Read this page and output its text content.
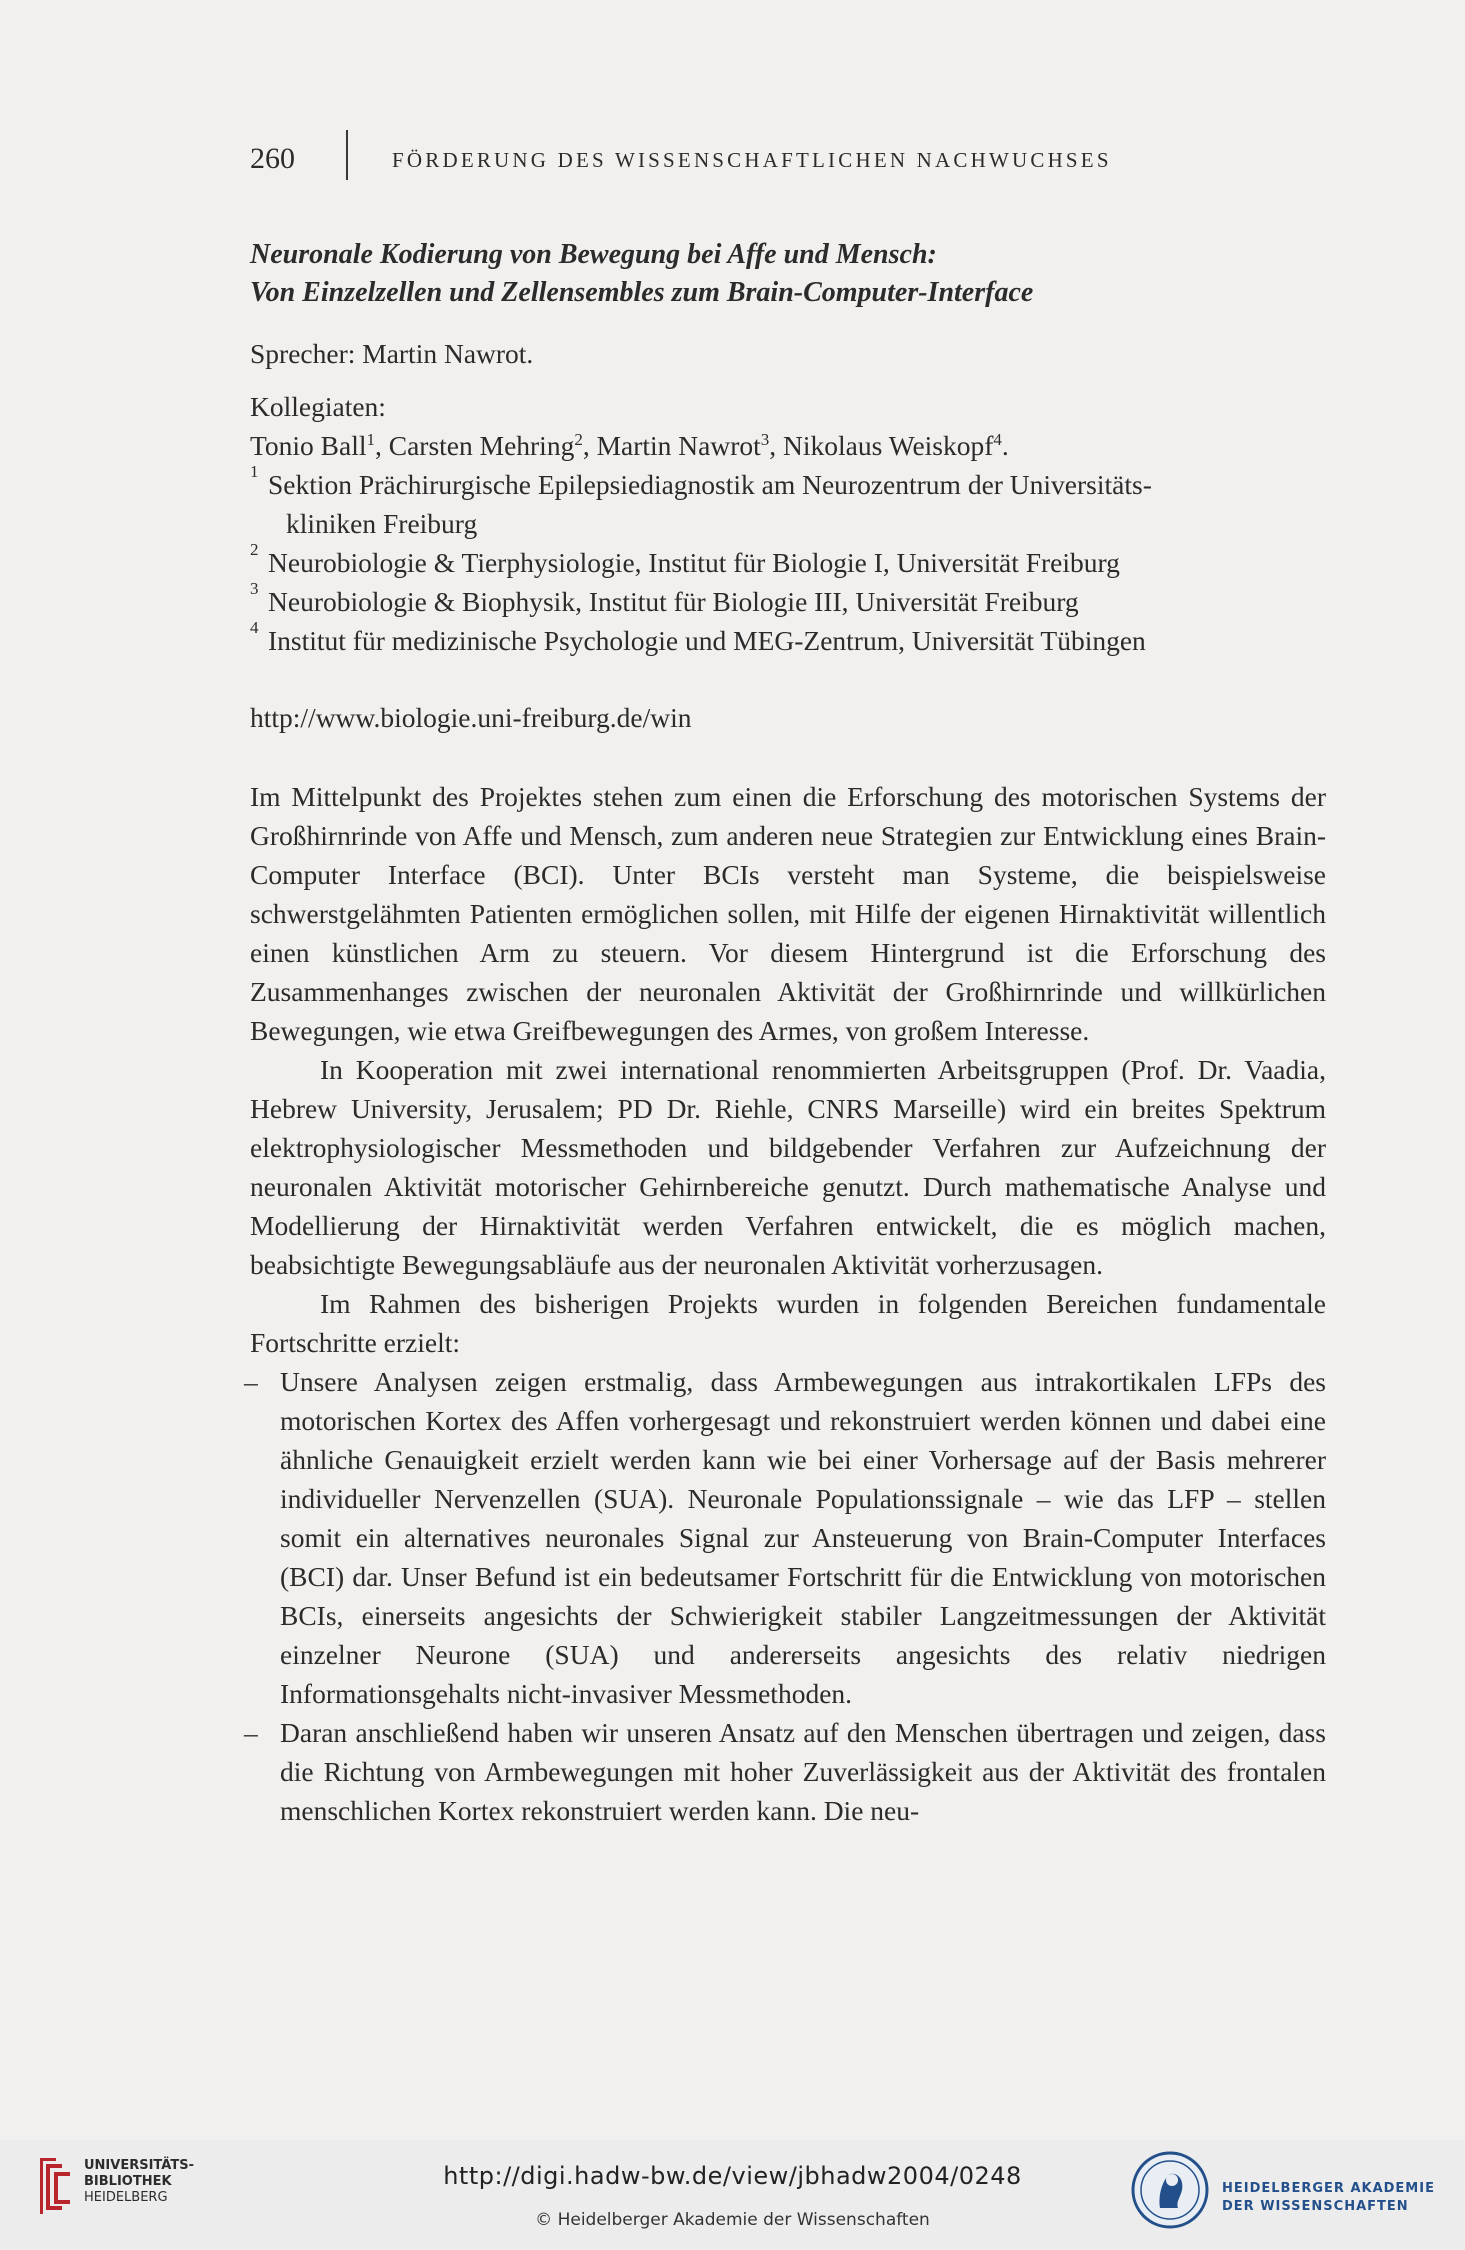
260	FÖRDERUNG DES WISSENSCHAFTLICHEN NACHWUCHSES
Neuronale Kodierung von Bewegung bei Affe und Mensch:
Von Einzelzellen und Zellensembles zum Brain-Computer-Interface
Sprecher: Martin Nawrot.
Kollegiaten:
Tonio Ball$^1$, Carsten Mehring$^2$, Martin Nawrot$^3$, Nikolaus Weiskopf$^4$.
1 Sektion Prächirurgische Epilepsiediagnostik am Neurozentrum der Universitäts-
kliniken Freiburg
2 Neurobiologie & Tierphysiologie, Institut für Biologie I, Universität Freiburg
3 Neurobiologie & Biophysik, Institut für Biologie III, Universität Freiburg
4 Institut für medizinische Psychologie und MEG-Zentrum, Universität Tübingen
http://www.biologie.uni-freiburg.de/win

Im Mittelpunkt des Projektes stehen zum einen die Erforschung des motorischen Systems der Großhirnrinde von Affe und Mensch, zum anderen neue Strategien zur Entwicklung eines Brain-Computer Interface (BCI). Unter BCIs versteht man Systeme, die beispielsweise schwerstgelähmten Patienten ermöglichen sollen, mit Hilfe der eigenen Hirnaktivität willentlich einen künstlichen Arm zu steuern. Vor diesem Hintergrund ist die Erforschung des Zusammenhanges zwischen der neuronalen Aktivität der Großhirnrinde und willkürlichen Bewegungen, wie etwa Greifbewegungen des Armes, von großem Interesse.

In Kooperation mit zwei international renommierten Arbeitsgruppen (Prof. Dr. Vaadia, Hebrew University, Jerusalem; PD Dr. Riehle, CNRS Marseille) wird ein breites Spektrum elektrophysiologischer Messmethoden und bildgebender Verfahren zur Aufzeichnung der neuronalen Aktivität motorischer Gehirnbereiche genutzt. Durch mathematische Analyse und Modellierung der Hirnaktivität werden Verfahren entwickelt, die es möglich machen, beabsichtigte Bewegungsabläufe aus der neuronalen Aktivität vorherzusagen.

Im Rahmen des bisherigen Projekts wurden in folgenden Bereichen fundamentale Fortschritte erzielt:

– Unsere Analysen zeigen erstmalig, dass Armbewegungen aus intrakortikalen LFPs des motorischen Kortex des Affen vorhergesagt und rekonstruiert werden können und dabei eine ähnliche Genauigkeit erzielt werden kann wie bei einer Vorhersage auf der Basis mehrerer individueller Nervenzellen (SUA). Neuronale Populationssignale – wie das LFP – stellen somit ein alternatives neuronales Signal zur Ansteuerung von Brain-Computer Interfaces (BCI) dar. Unser Befund ist ein bedeutsamer Fortschritt für die Entwicklung von motorischen BCIs, einerseits angesichts der Schwierigkeit stabiler Langzeitmessungen der Aktivität einzelner Neurone (SUA) und andererseits angesichts des relativ niedrigen Informationsgehalts nicht-invasiver Messmethoden.
– Daran anschließend haben wir unseren Ansatz auf den Menschen übertragen und zeigen, dass die Richtung von Armbewegungen mit hoher Zuverlässigkeit aus der Aktivität des frontalen menschlichen Kortex rekonstruiert werden kann. Die neu-
UNIVERSITÄTS-
BIBLIOTHEK
HEIDELBERG
http://digi.hadw-bw.de/view/jbhadw2004/0248
© Heidelberger Akademie der Wissenschaften
HEIDELBERGER AKADEMIE
DER WISSENSCHAFTEN
